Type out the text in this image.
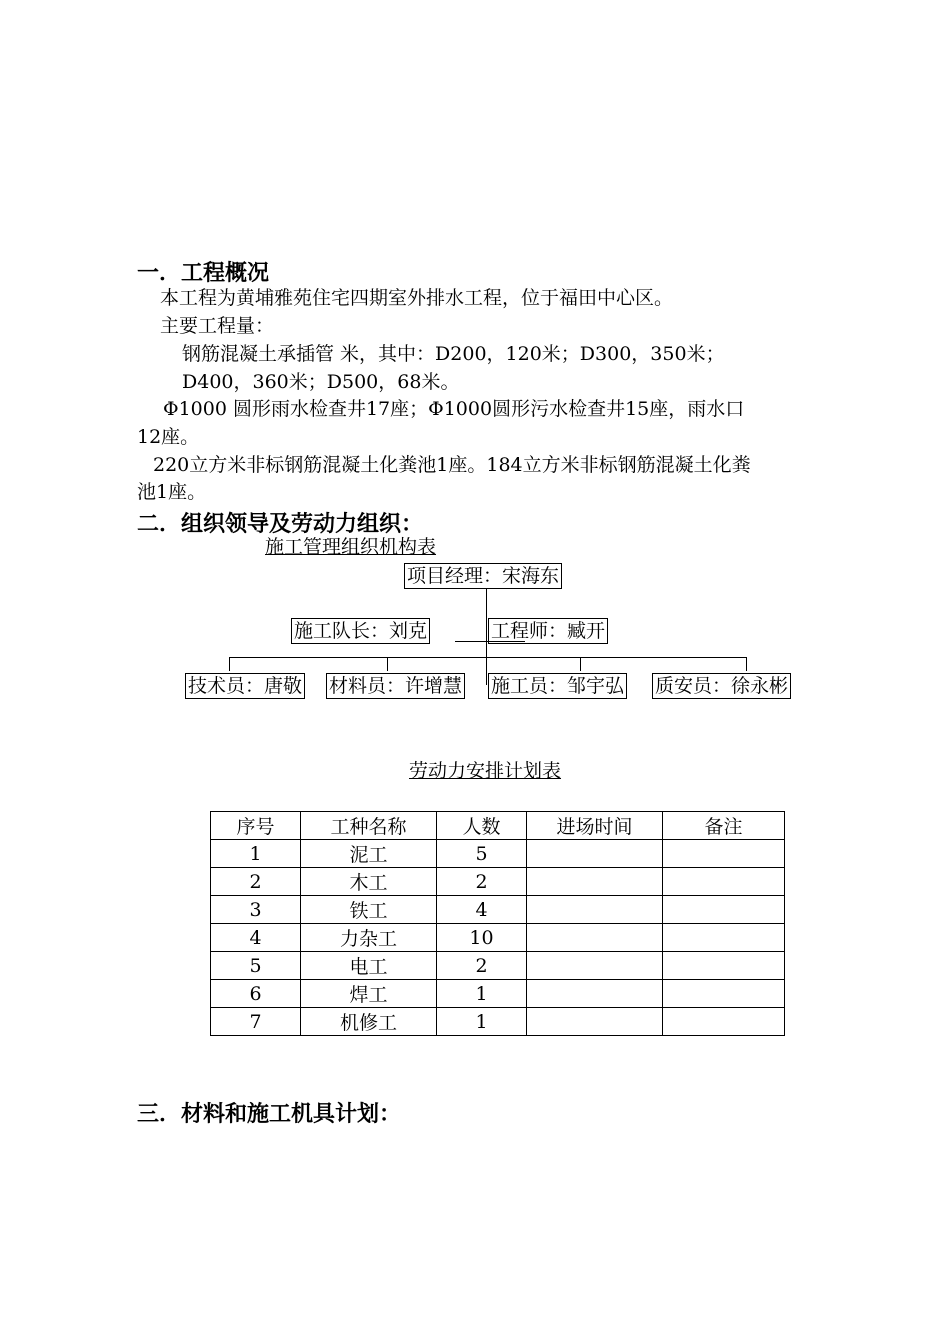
一．工程概况
本工程为黄埔雅苑住宅四期室外排水工程，位于福田中心区。
主要工程量：
钢筋混凝土承插管 米，其中：D200，120米；D300，350米；
D400，360米；D500，68米。
Φ1000 圆形雨水检查井17座；Φ1000圆形污水检查井15座，雨水口
12座。
220立方米非标钢筋混凝土化粪池1座。184立方米非标钢筋混凝土化粪
池1座。
二．组织领导及劳动力组织：
施工管理组织机构表
项目经理：宋海东
施工队长：刘克	工程师：臧开
技术员：唐敬 材料员：许增慧 施工员：邹宇弘 质安员：徐永彬
劳动力安排计划表
序号	工种名称	人数	进场时间	备注
1	泥工	5		
2	木工	2		
3	铁工	4		
4	力杂工	10		
5	电工	2		
6	焊工	1		
7	机修工	1		
三．材料和施工机具计划：
